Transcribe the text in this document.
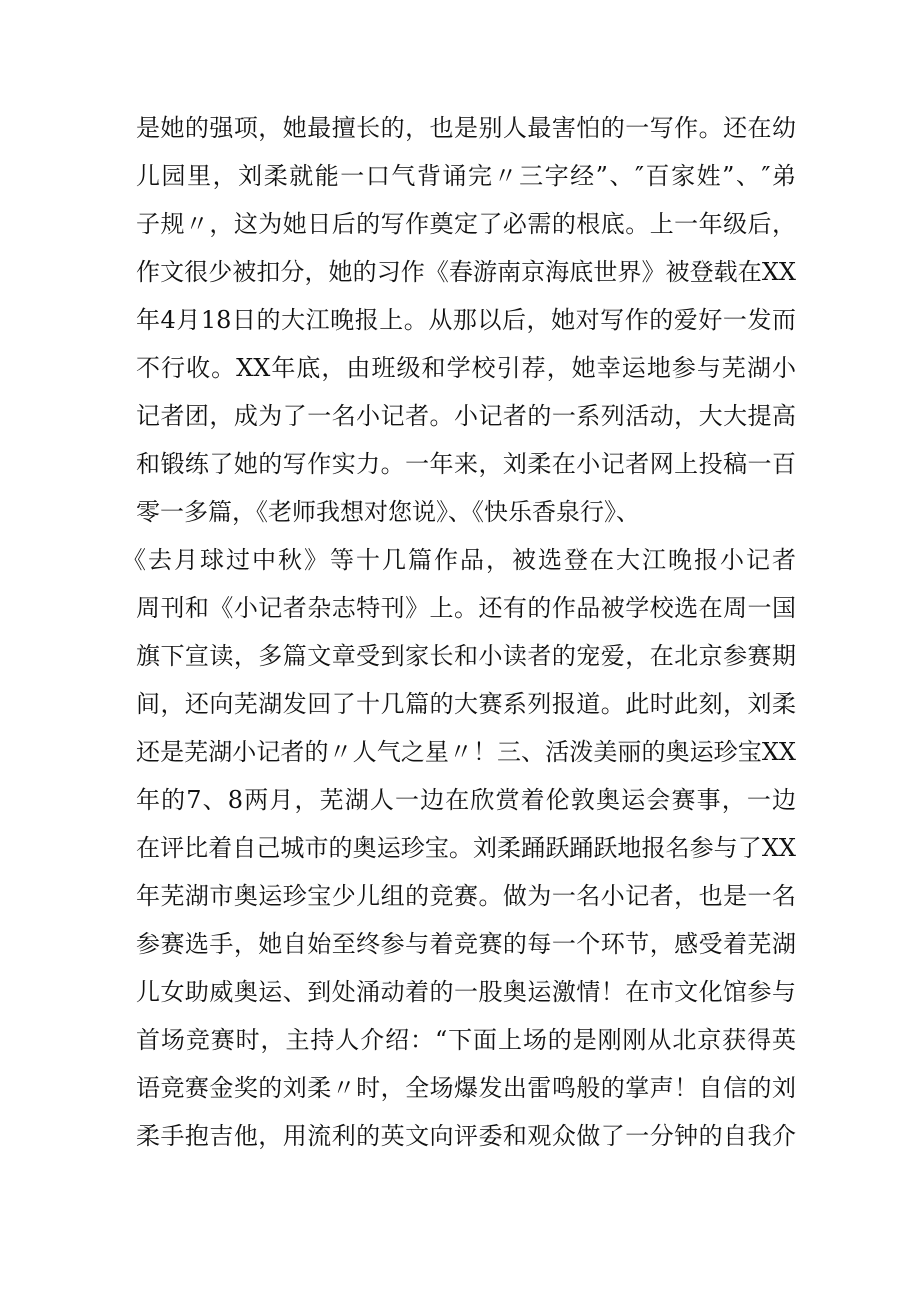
是她的强项，她最擅长的，也是别人最害怕的一写作。还在幼
儿园里，刘柔就能一口气背诵完〃三字经”、″百家姓”、″弟
子规〃，这为她日后的写作奠定了必需的根底。上一年级后，
作文很少被扣分，她的习作《春游南京海底世界》被登载在XX
年4月18日的大江晚报上。从那以后，她对写作的爱好一发而
不行收。XX年底，由班级和学校引荐，她幸运地参与芜湖小
记者团，成为了一名小记者。小记者的一系列活动，大大提高
和锻练了她的写作实力。一年来，刘柔在小记者网上投稿一百
零一多篇，《老师我想对您说》、《快乐香泉行》、
《去月球过中秋》等十几篇作品，被选登在大江晚报小记者
周刊和《小记者杂志特刊》上。还有的作品被学校选在周一国
旗下宣读，多篇文章受到家长和小读者的宠爱，在北京参赛期
间，还向芜湖发回了十几篇的大赛系列报道。此时此刻，刘柔
还是芜湖小记者的〃人气之星〃！三、活泼美丽的奥运珍宝XX
年的7、8两月，芜湖人一边在欣赏着伦敦奥运会赛事，一边
在评比着自己城市的奥运珍宝。刘柔踊跃踊跃地报名参与了XX
年芜湖市奥运珍宝少儿组的竞赛。做为一名小记者，也是一名
参赛选手，她自始至终参与着竞赛的每一个环节，感受着芜湖
儿女助威奥运、到处涌动着的一股奥运激情！在市文化馆参与
首场竞赛时，主持人介绍：“下面上场的是刚刚从北京获得英
语竞赛金奖的刘柔〃时，全场爆发出雷鸣般的掌声！自信的刘
柔手抱吉他，用流利的英文向评委和观众做了一分钟的自我介
